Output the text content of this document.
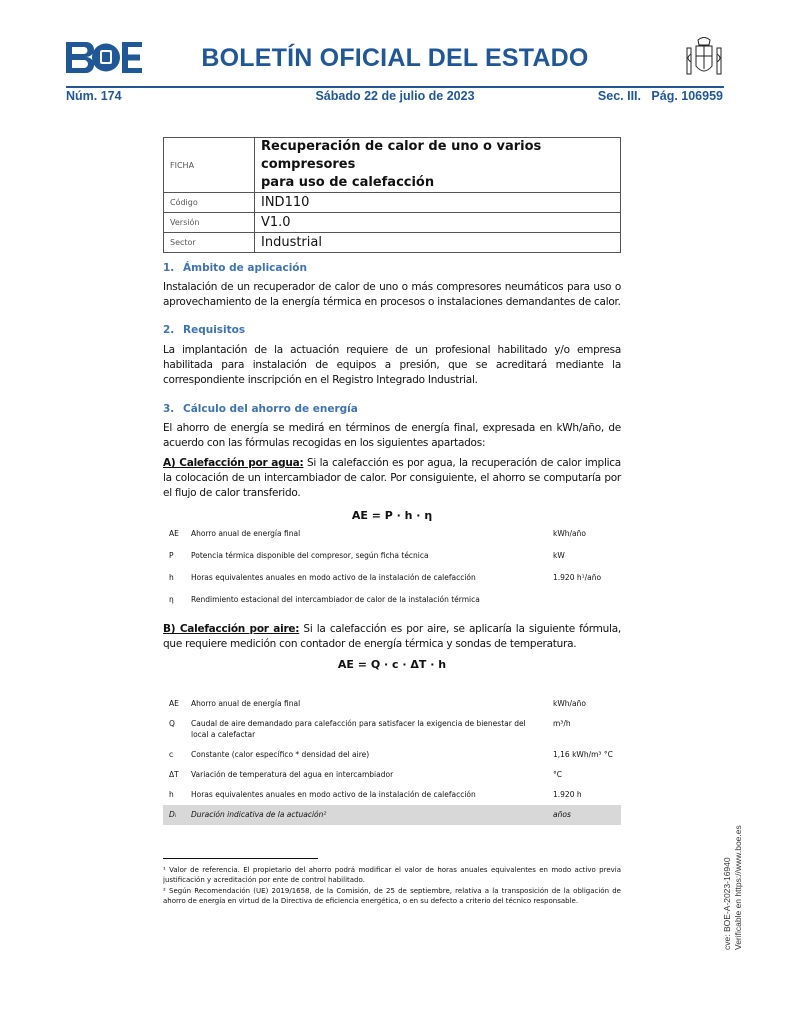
BOLETÍN OFICIAL DEL ESTADO
Núm. 174	Sábado 22 de julio de 2023	Sec. III.   Pág. 106959
FICHA	Recuperación de calor de uno o varios compresores
para uso de calefacción
Código	IND110
Versión	V1.0
Sector	Industrial
1. Ámbito de aplicación
Instalación de un recuperador de calor de uno o más compresores neumáticos para uso o aprovechamiento de la energía térmica en procesos o instalaciones demandantes de calor.
2. Requisitos
La implantación de la actuación requiere de un profesional habilitado y/o empresa habilitada para instalación de equipos a presión, que se acreditará mediante la correspondiente inscripción en el Registro Integrado Industrial.
3. Cálculo del ahorro de energía
El ahorro de energía se medirá en términos de energía final, expresada en kWh/año, de acuerdo con las fórmulas recogidas en los siguientes apartados:
A) Calefacción por agua: Si la calefacción es por agua, la recuperación de calor implica la colocación de un intercambiador de calor. Por consiguiente, el ahorro se computaría por el flujo de calor transferido.
AE = P · h · η
AE	Ahorro anual de energía final	kWh/año
P	Potencia térmica disponible del compresor, según ficha técnica	kW
h	Horas equivalentes anuales en modo activo de la instalación de calefacción	1.920 h¹/año
η	Rendimiento estacional del intercambiador de calor de la instalación térmica	
B) Calefacción por aire: Si la calefacción es por aire, se aplicaría la siguiente fórmula, que requiere medición con contador de energía térmica y sondas de temperatura.
AE = Q · c · ΔT · h
AE	Ahorro anual de energía final	kWh/año
Q	Caudal de aire demandado para calefacción para satisfacer la exigencia de bienestar del local a calefactar	m³/h
c	Constante (calor específico * densidad del aire)	1,16 kWh/m³ °C
ΔT	Variación de temperatura del agua en intercambiador	°C
h	Horas equivalentes anuales en modo activo de la instalación de calefacción	1.920 h
Dᵢ	Duración indicativa de la actuación²	años
¹ Valor de referencia. El propietario del ahorro podrá modificar el valor de horas anuales equivalentes en modo activo previa justificación y acreditación por ente de control habilitado.
² Según Recomendación (UE) 2019/1658, de la Comisión, de 25 de septiembre, relativa a la transposición de la obligación de ahorro de energía en virtud de la Directiva de eficiencia energética, o en su defecto a criterio del técnico responsable.	cve: BOE-A-2023-16940 Verificable en https://www.boe.es
